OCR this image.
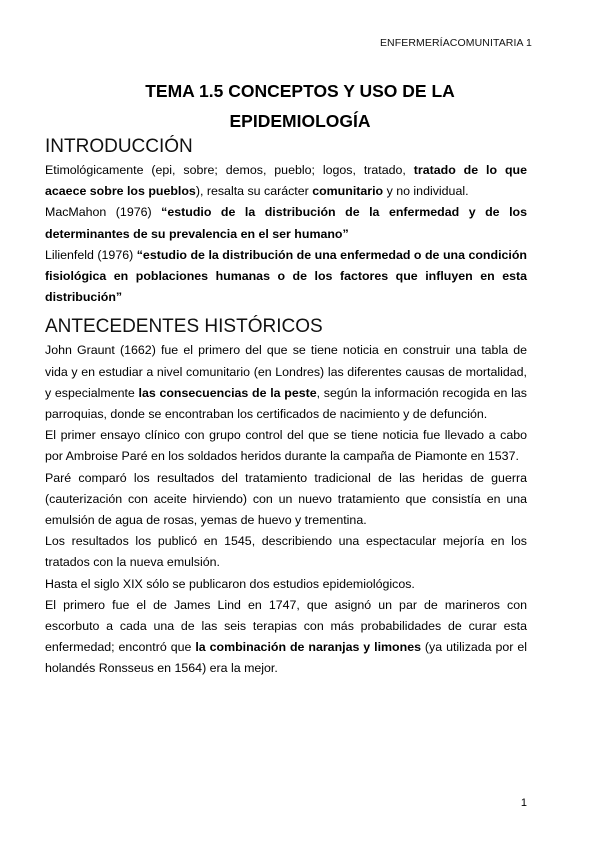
ENFERMERÍACOMUNITARIA 1
TEMA 1.5 CONCEPTOS Y USO DE LA
EPIDEMIOLOGÍA
INTRODUCCIÓN

Etimológicamente (epi, sobre; demos, pueblo; logos, tratado, tratado de lo que acaece sobre los pueblos), resalta su carácter comunitario y no individual.

MacMahon (1976) “estudio de la distribución de la enfermedad y de los determinantes de su prevalencia en el ser humano”

Lilienfeld (1976) “estudio de la distribución de una enfermedad o de una condición fisiológica en poblaciones humanas o de los factores que influyen en esta distribución”

ANTECEDENTES HISTÓRICOS

John Graunt (1662) fue el primero del que se tiene noticia en construir una tabla de vida y en estudiar a nivel comunitario (en Londres) las diferentes causas de mortalidad, y especialmente las consecuencias de la peste, según la información recogida en las parroquias, donde se encontraban los certificados de nacimiento y de defunción.

El primer ensayo clínico con grupo control del que se tiene noticia fue llevado a cabo por Ambroise Paré en los soldados heridos durante la campaña de Piamonte en 1537.

Paré comparó los resultados del tratamiento tradicional de las heridas de guerra (cauterización con aceite hirviendo) con un nuevo tratamiento que consistía en una emulsión de agua de rosas, yemas de huevo y trementina.

Los resultados los publicó en 1545, describiendo una espectacular mejoría en los tratados con la nueva emulsión.

Hasta el siglo XIX sólo se publicaron dos estudios epidemiológicos.

El primero fue el de James Lind en 1747, que asignó un par de marineros con escorbuto a cada una de las seis terapias con más probabilidades de curar esta enfermedad; encontró que la combinación de naranjas y limones (ya utilizada por el holandés Ronsseus en 1564) era la mejor.

1
